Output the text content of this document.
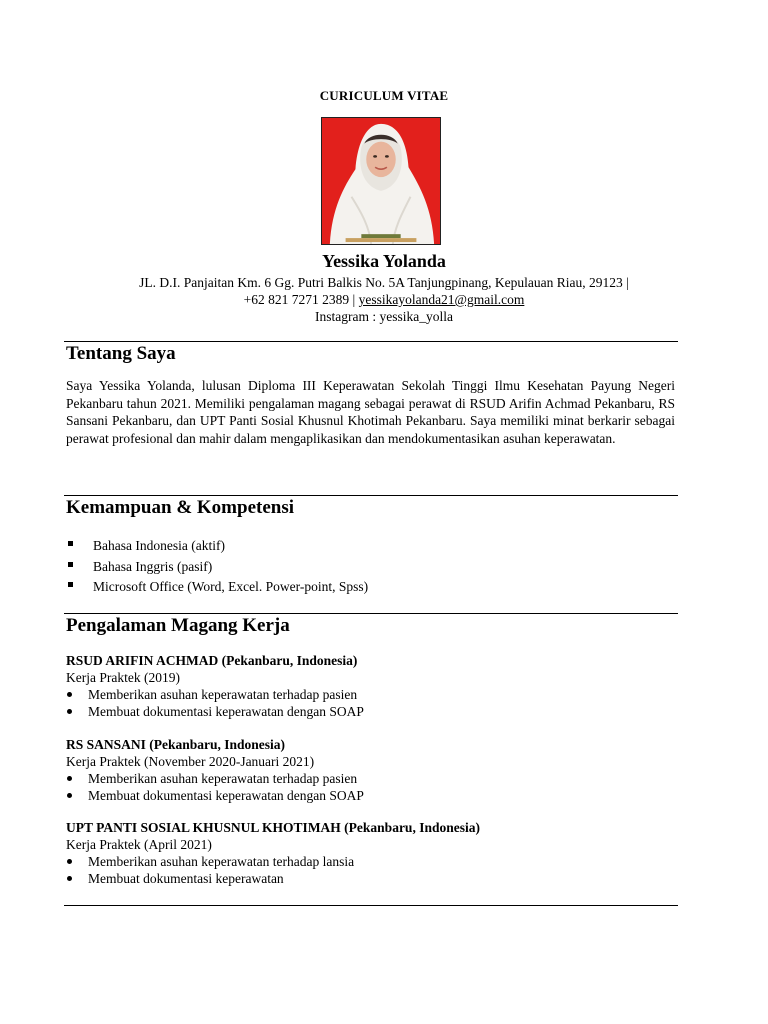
CURICULUM VITAE
Yessika Yolanda
JL. D.I. Panjaitan Km. 6 Gg. Putri Balkis No. 5A Tanjungpinang, Kepulauan Riau, 29123 |
+62 821 7271 2389 | yessikayolanda21@gmail.com
Instagram : yessika_yolla
Tentang Saya
Saya Yessika Yolanda, lulusan Diploma III Keperawatan Sekolah Tinggi Ilmu Kesehatan Payung Negeri Pekanbaru tahun 2021. Memiliki pengalaman magang sebagai perawat di RSUD Arifin Achmad Pekanbaru, RS Sansani Pekanbaru, dan UPT Panti Sosial Khusnul Khotimah Pekanbaru. Saya memiliki minat berkarir sebagai perawat profesional dan mahir dalam mengaplikasikan dan mendokumentasikan asuhan keperawatan.
Kemampuan & Kompetensi
Bahasa Indonesia (aktif)
Bahasa Inggris (pasif)
Microsoft Office (Word, Excel. Power-point, Spss)
Pengalaman Magang Kerja
RSUD ARIFIN ACHMAD (Pekanbaru, Indonesia)
Kerja Praktek (2019)
Memberikan asuhan keperawatan terhadap pasien
Membuat dokumentasi keperawatan dengan SOAP
RS SANSANI (Pekanbaru, Indonesia)
Kerja Praktek (November 2020-Januari 2021)
Memberikan asuhan keperawatan terhadap pasien
Membuat dokumentasi keperawatan dengan SOAP
UPT PANTI SOSIAL KHUSNUL KHOTIMAH (Pekanbaru, Indonesia)
Kerja Praktek (April 2021)
Memberikan asuhan keperawatan terhadap lansia
Membuat dokumentasi keperawatan
